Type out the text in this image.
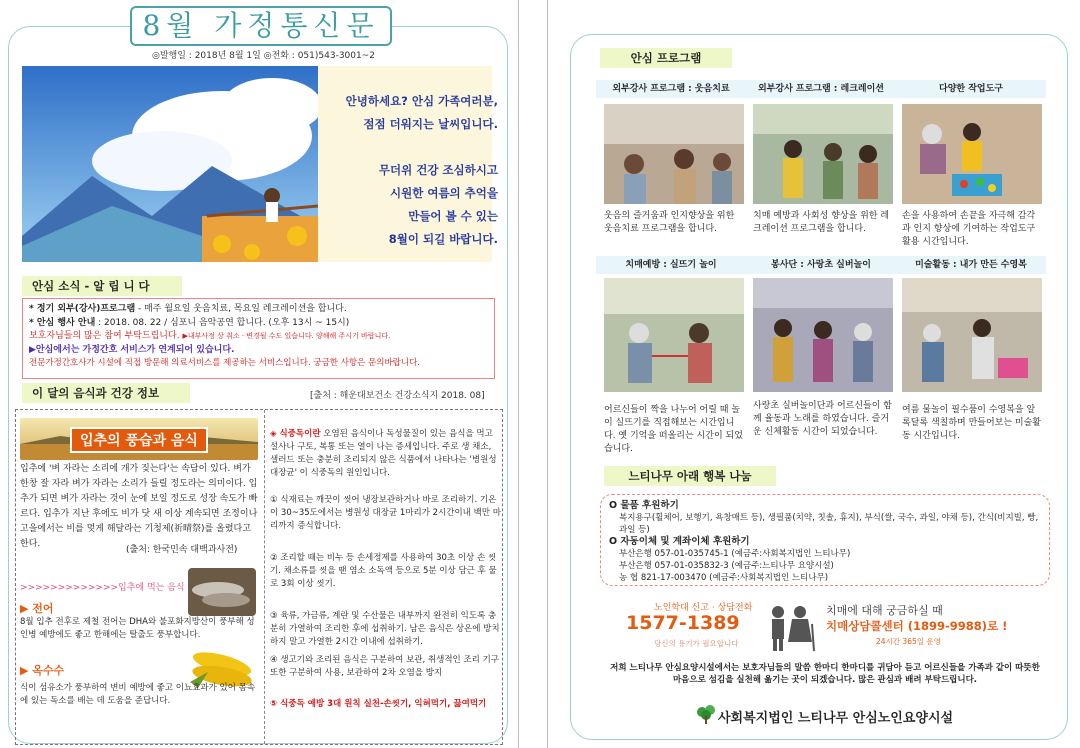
8월 가정통신문
◎발행일 : 2018년 8월 1일 ◎전화 : 051)543-3001~2

안녕하세요? 안심 가족여러분,

점점 더워지는 날씨입니다.

무더위 건강 조심하시고

시원한 여름의 추억을

만들어 볼 수 있는

8월이 되길 바랍니다.

안심 소식 - 알 립 니 다
* 정기 외부(강사)프로그램 - 매주 월요일 웃음치료, 목요일 레크레이션을 합니다.
* 안심 행사 안내 : 2018. 08. 22 / 심포니 음악공연 합니다. (오후 13시 ~ 15시)
보호자님들의 많은 참여 부탁드립니다. ▶내부사정 상 취소 · 변경될 수도 있습니다. 양해해 주시기 바랍니다.
▶안심에서는 가정간호 서비스가 연계되어 있습니다.
전문가정간호사가 시설에 직접 방문해 의료서비스를 제공하는 서비스입니다. 궁금한 사항은 문의바랍니다.
이 달의 음식과 건강 정보	[출처 : 해운대보건소 건강소식지 2018. 08]
입추의 풍습과 음식
입추에 '벼 자라는 소리에 개가 짖는다'는 속담이 있다. 벼가 한창 잘 자라 벼가 자라는 소리가 들릴 정도라는 의미이다. 입추가 되면 벼가 자라는 것이 눈에 보일 정도로 성장 속도가 빠르다. 입추가 지난 후에도 비가 닷 새 이상 계속되면 조정이나 고을에서는 비를 멎게 해달라는 기청제(祈晴祭)를 올렸다고 한다.
(출처: 한국민속 대백과사전)
>>>>>>>>>>>>>입추에 먹는 음식
▶ 전어
8월 입추 전후로 제철 전어는 DHA와 불포화지방산이 풍부해 성인병 예방에도 좋고 한해에는 탈출도 풍부합니다.
▶ 옥수수
식이 섬유소가 풍부하여 변비 예방에 좋고 이뇨효과가 있어 몸속에 있는 독소를 배는 데 도움을 준답니다.
◈ 식중독이란 오염된 음식이나 독성물질이 있는 음식을 먹고 설사나 구토, 복통 또는 열이 나는 증세입니다. 주로 생 채소, 샐러드 또는 충분히 조리되지 않은 식품에서 나타나는 '병원성대장균' 이 식중독의 원인입니다.
① 식재료는 깨끗이 씻어 냉장보관하거나 바로 조리하기. 기온이 30~35도에서는 병원성 대장균 1마리가 2시간이내 백만 마리까지 증식합니다.
② 조리할 때는 비누 등 손세정제를 사용하여 30초 이상 손 씻기. 채소류를 씻을 땐 염소 소독액 등으로 5분 이상 담근 후 물로 3회 이상 씻기.
③ 육류, 가금류, 계란 및 수산물은 내부까지 완전히 익도록 충분히 가열하여 조리한 후에 섭취하기. 남은 음식은 상온에 방치하지 말고 가열한 2시간 이내에 섭취하기.
④ 생고기와 조리된 음식은 구분하여 보관, 취생적인 조리 기구 또한 구분하여 사용, 보관하여 2차 오염을 방지
⑤ 식중독 예방 3대 원칙 실천-손씻기, 익혀먹기, 끓여먹기
안심 프로그램
외부강사 프로그램 : 웃음치료	외부강사 프로그램 : 레크레이션	다양한 작업도구
웃음의 즐거움과 인지향상을 위한 웃음치료 프로그램을 합니다.
치매 예방과 사회성 향상을 위한 레크레이션 프로그램을 합니다.
손을 사용하여 손끝을 자극해 감각과 인지 향상에 기여하는 작업도구 활용 시간입니다.
치매예방 : 실뜨기 놀이	봉사단 : 사랑초 실버놀이	미술활동 : 내가 만든 수영복
어르신들이 짝을 나누어 어릴 때 놀이 실뜨기를 직접해보는 시간입니다. 옛 기억을 떠올리는 시간이 되었습니다.
사랑초 실버놀이단과 어르신들이 함께 율동과 노래를 하였습니다. 즐거운 신체활동 시간이 되었습니다.
여름 물놀이 필수품이 수영복을 알록달록 색칠하며 만들어보는 미술활동 시간입니다.
느티나무 아래 행복 나눔
O 물품 후원하기
복지용구(휠체어, 보행기, 욕창매트 등), 생필품(치약, 칫솔, 휴지), 부식(쌀, 국수, 과일, 야채 등), 간식(비지빌, 빵, 과일 등)
O 자동이체 및 계좌이체 후원하기
부산은행 057-01-035745-1 (예금주:사회복지법인 느티나무)
부산은행 057-01-035832-3 (예금주:느티나무 요양시설)
농 협 821-17-003470 (예금주:사회복지법인 느티나무)
노인학대 신고 · 상담전화
1577-1389
당신의 용기가 필요합니다
치매에 대해 궁금하실 때
치매상담콜센터 (1899-9988)로 !
24시간 365일 운영
저희 느티나무 안심요양시설에서는 보호자님들의 말씀 한마디 한마디를 귀담아 듣고 어르신들을 가족과 같이 따뜻한 마음으로 섬김을 실천해 옮기는 곳이 되겠습니다. 많은 관심과 배려 부탁드립니다.
사회복지법인 느티나무 안심노인요양시설
